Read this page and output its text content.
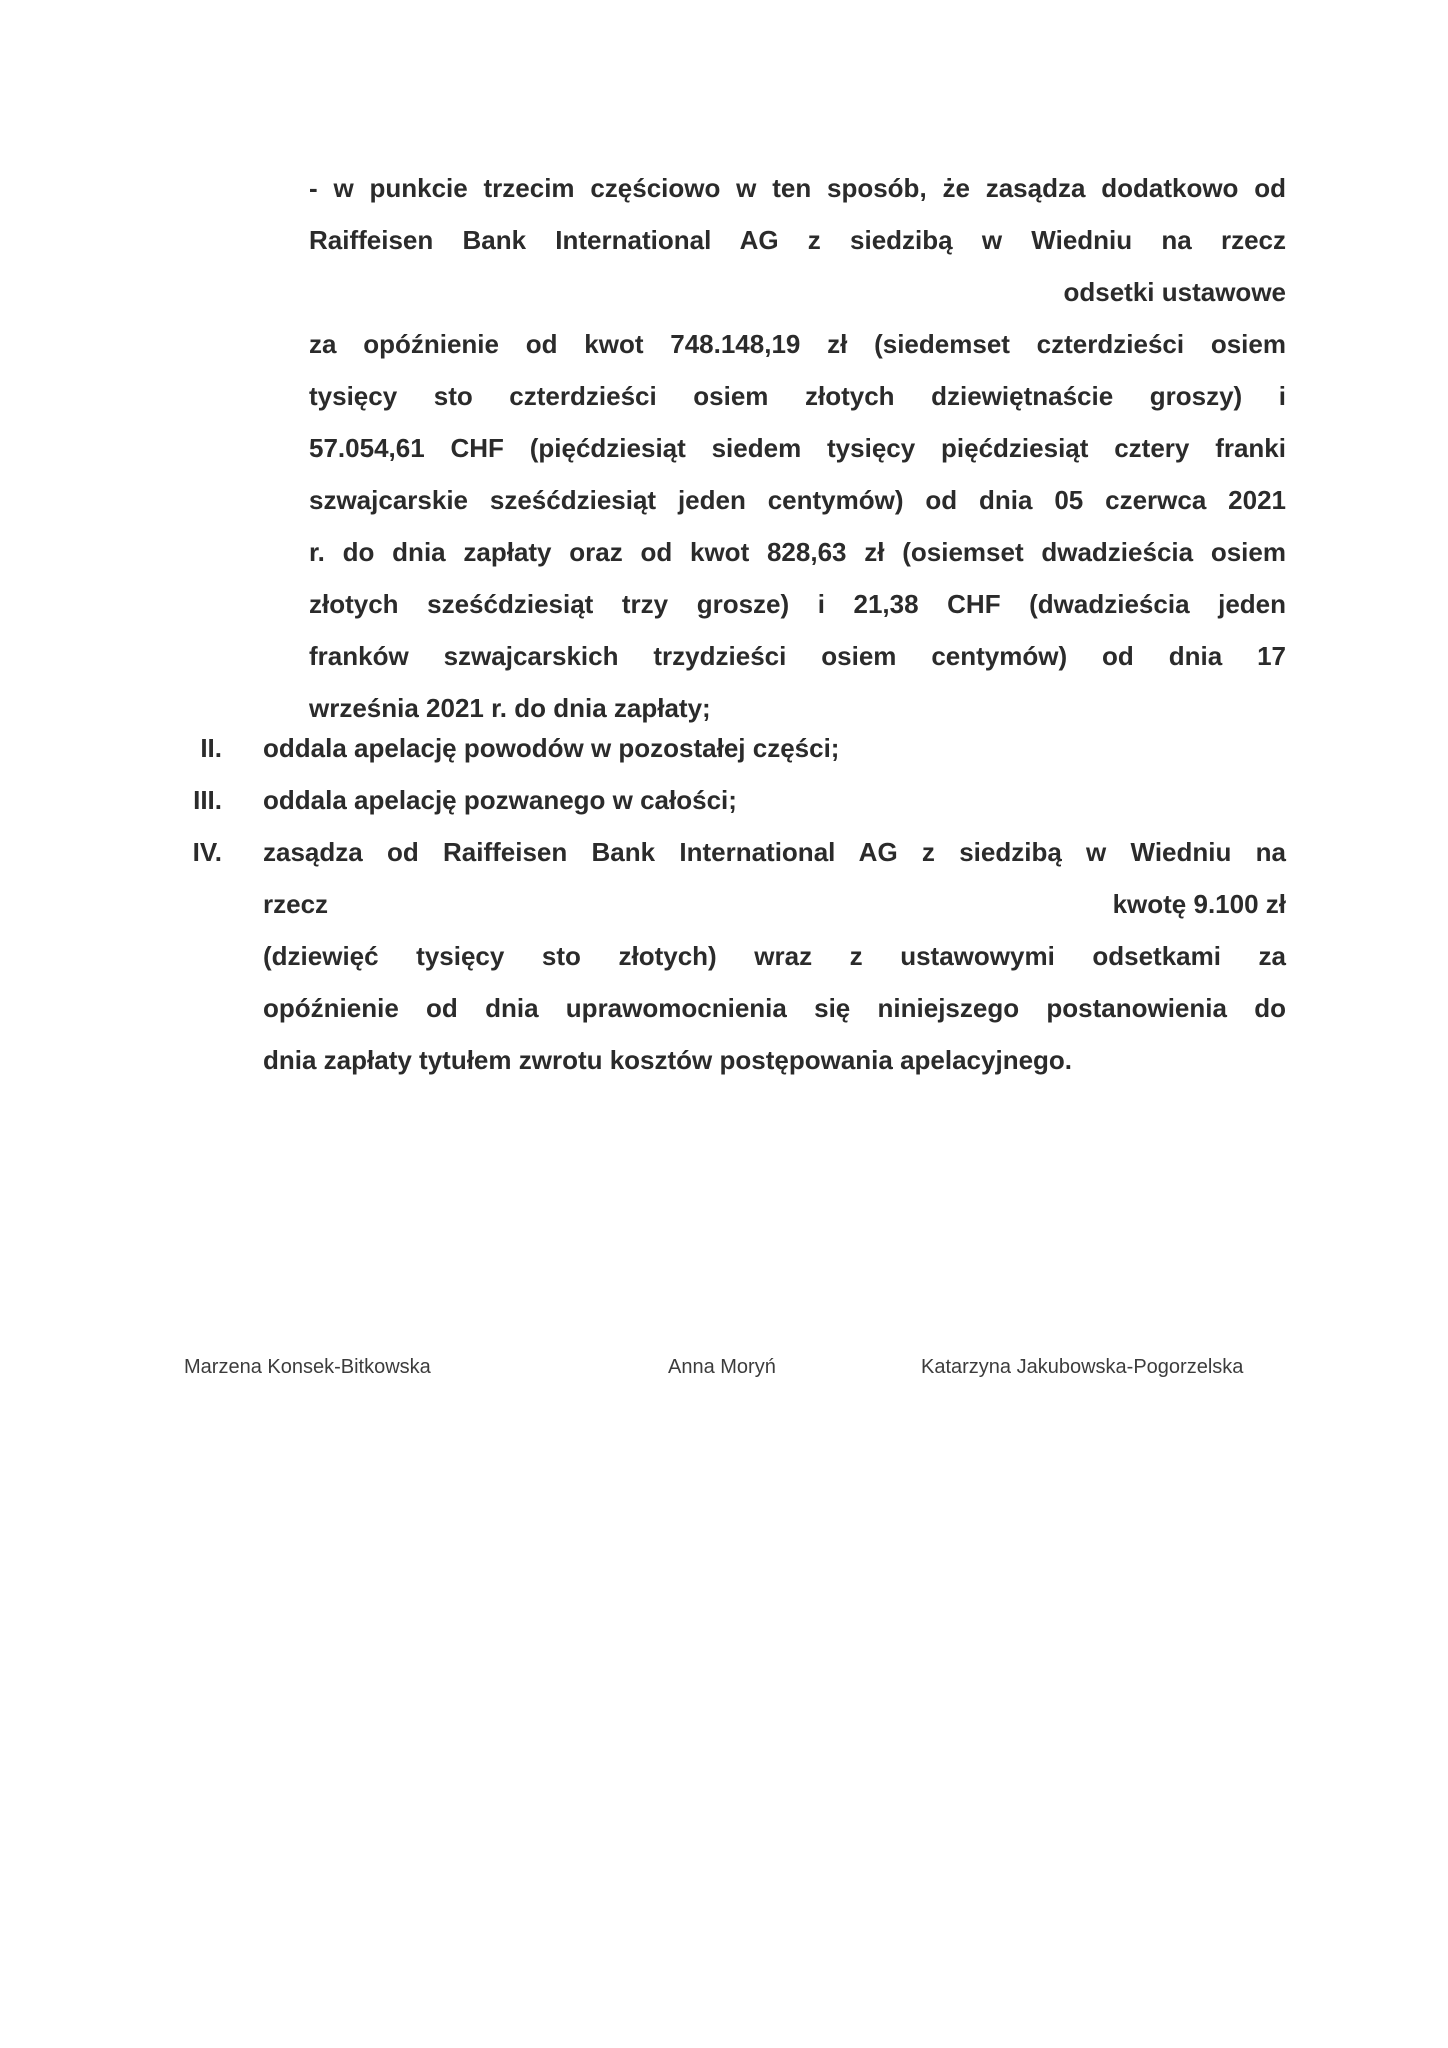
- w punkcie trzecim częściowo w ten sposób, że zasądza dodatkowo od
Raiffeisen Bank International AG z siedzibą w Wiedniu na rzecz
odsetki ustawowe
za opóźnienie od kwot 748.148,19 zł (siedemset czterdzieści osiem
tysięcy sto czterdzieści osiem złotych dziewiętnaście groszy) i
57.054,61 CHF (pięćdziesiąt siedem tysięcy pięćdziesiąt cztery franki
szwajcarskie sześćdziesiąt jeden centymów) od dnia 05 czerwca 2021
r. do dnia zapłaty oraz od kwot 828,63 zł (osiemset dwadzieścia osiem
złotych sześćdziesiąt trzy grosze) i 21,38 CHF (dwadzieścia jeden
franków szwajcarskich trzydzieści osiem centymów) od dnia 17
września 2021 r. do dnia zapłaty;
II. oddala apelację powodów w pozostałej części;
III. oddala apelację pozwanego w całości;
IV. zasądza od Raiffeisen Bank International AG z siedzibą w Wiedniu na
rzecz	kwotę 9.100 zł
(dziewięć tysięcy sto złotych) wraz z ustawowymi odsetkami za
opóźnienie od dnia uprawomocnienia się niniejszego postanowienia do
dnia zapłaty tytułem zwrotu kosztów postępowania apelacyjnego.
Marzena Konsek-Bitkowska	Anna Moryń	Katarzyna Jakubowska-Pogorzelska
